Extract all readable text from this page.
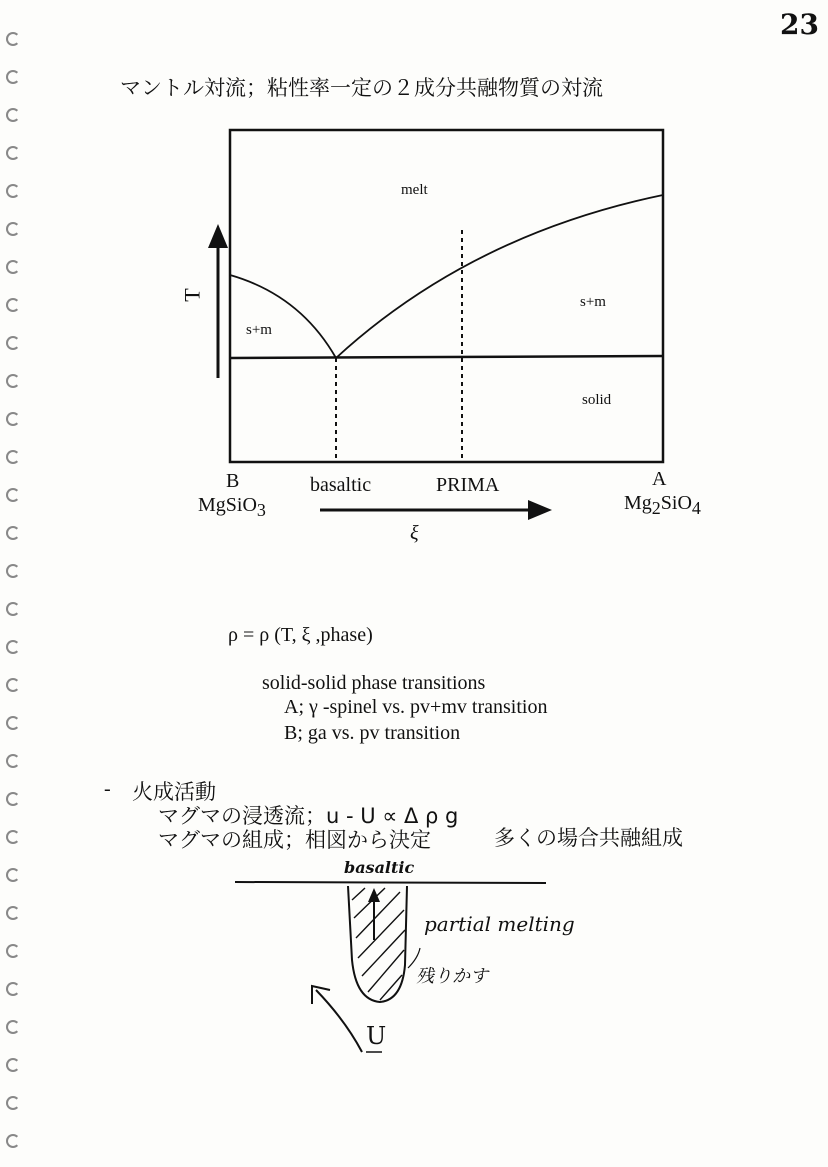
23
マントル対流；粘性率一定の２成分共融物質の対流
melt
s+m
s+m
solid
T
B
MgSiO$_3$
A
$Mg_2SiO_4$
basaltic	PRIMA
ξ
ρ = ρ (T, ξ ,phase)
solid-solid phase transitions
A; γ -spinel vs. pv+mv transition
B; ga vs. pv transition
- 火成活動
マグマの浸透流；u - U ∝ Δ ρ g
マグマの組成；相図から決定	多くの場合共融組成
basaltic
partial melting
残りかす
U
